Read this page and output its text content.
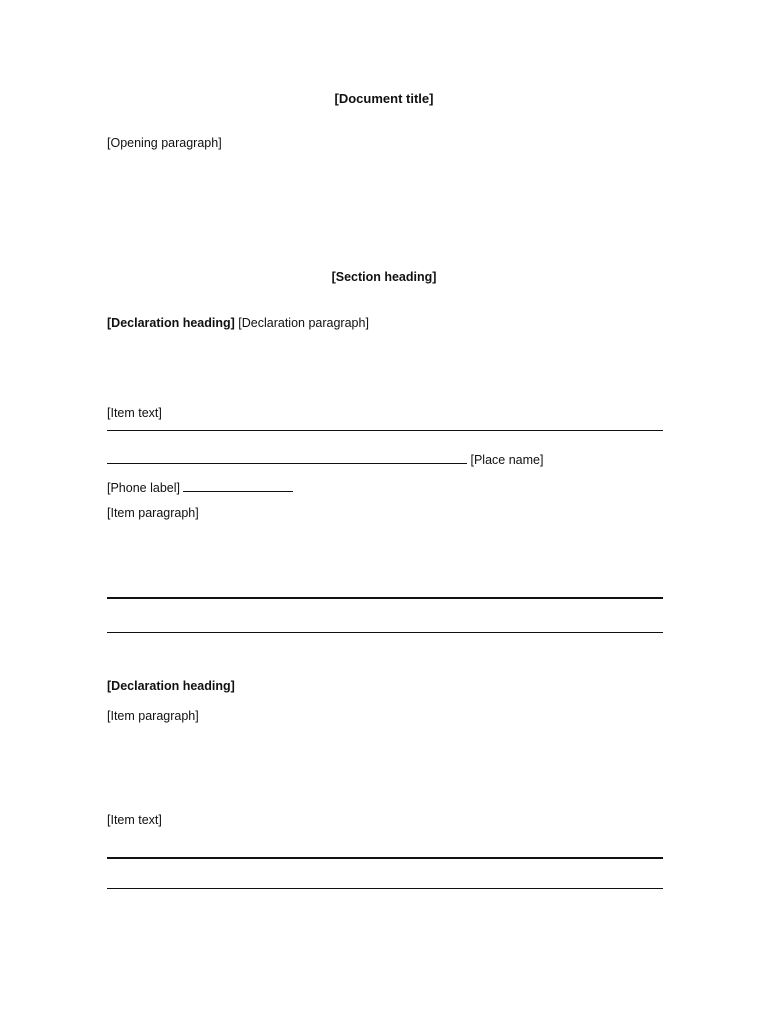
[Document title]
[Opening paragraph]
[Section heading]
[Declaration heading] [Declaration paragraph]
[Item text]
[Place name]
[Phone label]
[Item paragraph]
[Declaration heading]
[Item paragraph]
[Item text]
